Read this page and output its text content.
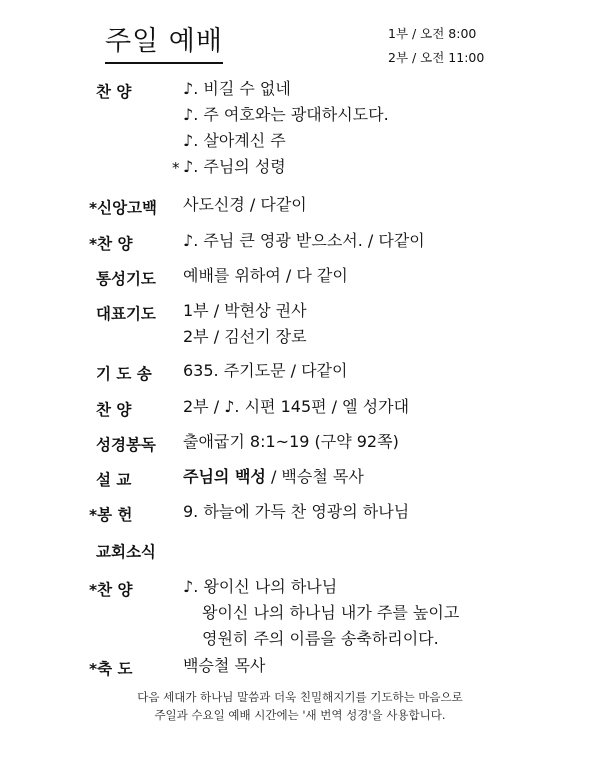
주일 예배	1부 / 오전 8:00
2부 / 오전 11:00
찬 양	♪. 비길 수 없네
♪. 주 여호와는 광대하시도다.
♪. 살아계신 주
♪. 주님의 성령
*
*신앙고백 사도신경 / 다같이
*찬 양	♪. 주님 큰 영광 받으소서. / 다같이
통성기도 예배를 위하여 / 다 같이
대표기도 1부 / 박현상 권사
2부 / 김선기 장로
기 도 송 635. 주기도문 / 다같이
찬 양	2부 / ♪. 시편 145편 / 엘 성가대
성경봉독 출애굽기 8:1~19 (구약 92쪽)
설 교	주님의 백성 / 백승철 목사
*봉 헌	9. 하늘에 가득 찬 영광의 하나님
교회소식
*찬 양	♪. 왕이신 나의 하나님
왕이신 나의 하나님 내가 주를 높이고
영원히 주의 이름을 송축하리이다.
*축 도	백승철 목사
다음 세대가 하나님 말씀과 더욱 친밀해지기를 기도하는 마음으로
주일과 수요일 예배 시간에는 '새 번역 성경'을 사용합니다.
